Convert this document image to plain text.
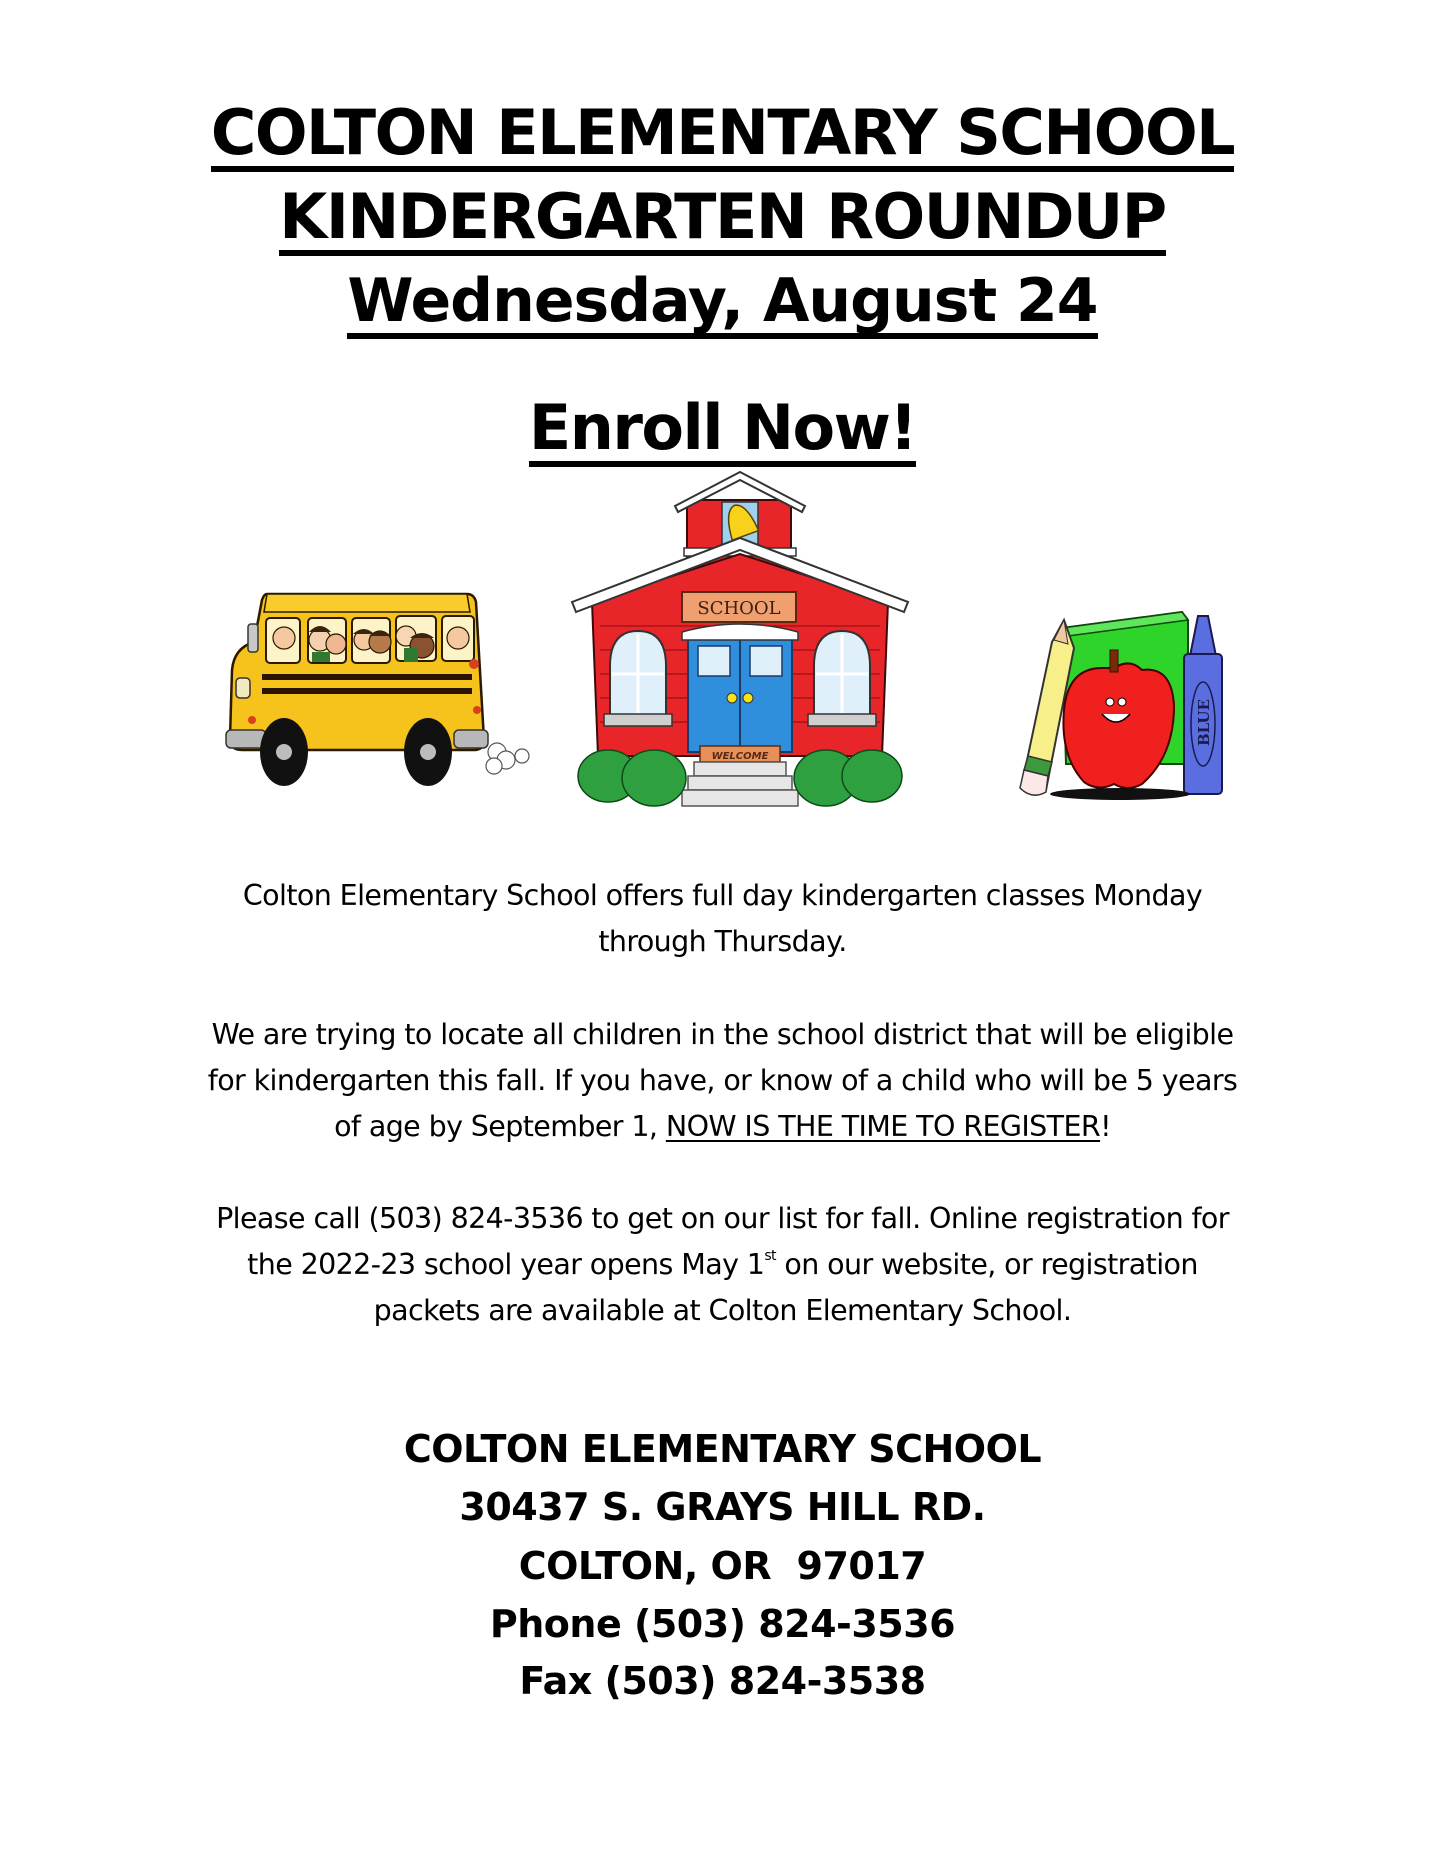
COLTON ELEMENTARY SCHOOL
KINDERGARTEN ROUNDUP
Wednesday, August 24
Enroll Now!
SCHOOL
WELCOME
BLUE
Colton Elementary School offers full day kindergarten classes Monday
through Thursday.
We are trying to locate all children in the school district that will be eligible
for kindergarten this fall. If you have, or know of a child who will be 5 years
of age by September 1, NOW IS THE TIME TO REGISTER!
Please call (503) 824-3536 to get on our list for fall. Online registration for
the 2022-23 school year opens May 1st on our website, or registration
packets are available at Colton Elementary School.
COLTON ELEMENTARY SCHOOL
30437 S. GRAYS HILL RD.
COLTON, OR  97017
Phone (503) 824-3536
Fax (503) 824-3538
